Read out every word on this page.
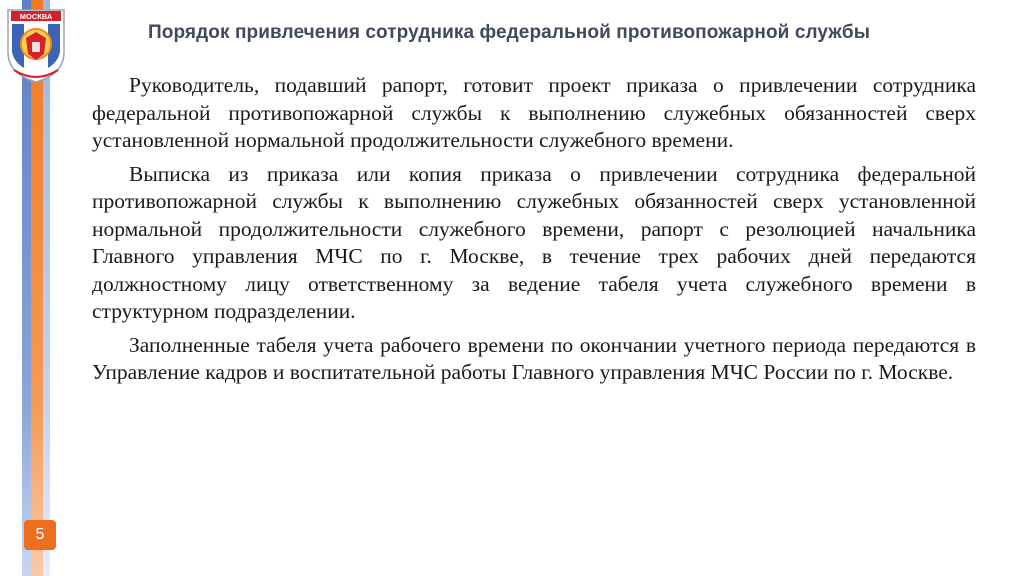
МОСКВА
Порядок привлечения сотрудника федеральной противопожарной службы

Руководитель, подавший рапорт, готовит проект приказа о привлечении сотрудника федеральной противопожарной службы к выполнению служебных обязанностей сверх установленной нормальной продолжительности служебного времени.

Выписка из приказа или копия приказа о привлечении сотрудника федеральной противопожарной службы к выполнению служебных обязанностей сверх установленной нормальной продолжительности служебного времени, рапорт с резолюцией начальника Главного управления МЧС по г. Москве, в течение трех рабочих дней передаются должностному лицу ответственному за ведение табеля учета служебного времени в структурном подразделении.

Заполненные табеля учета рабочего времени по окончании учетного периода передаются в Управление кадров и воспитательной работы Главного управления МЧС России по г. Москве.

5
